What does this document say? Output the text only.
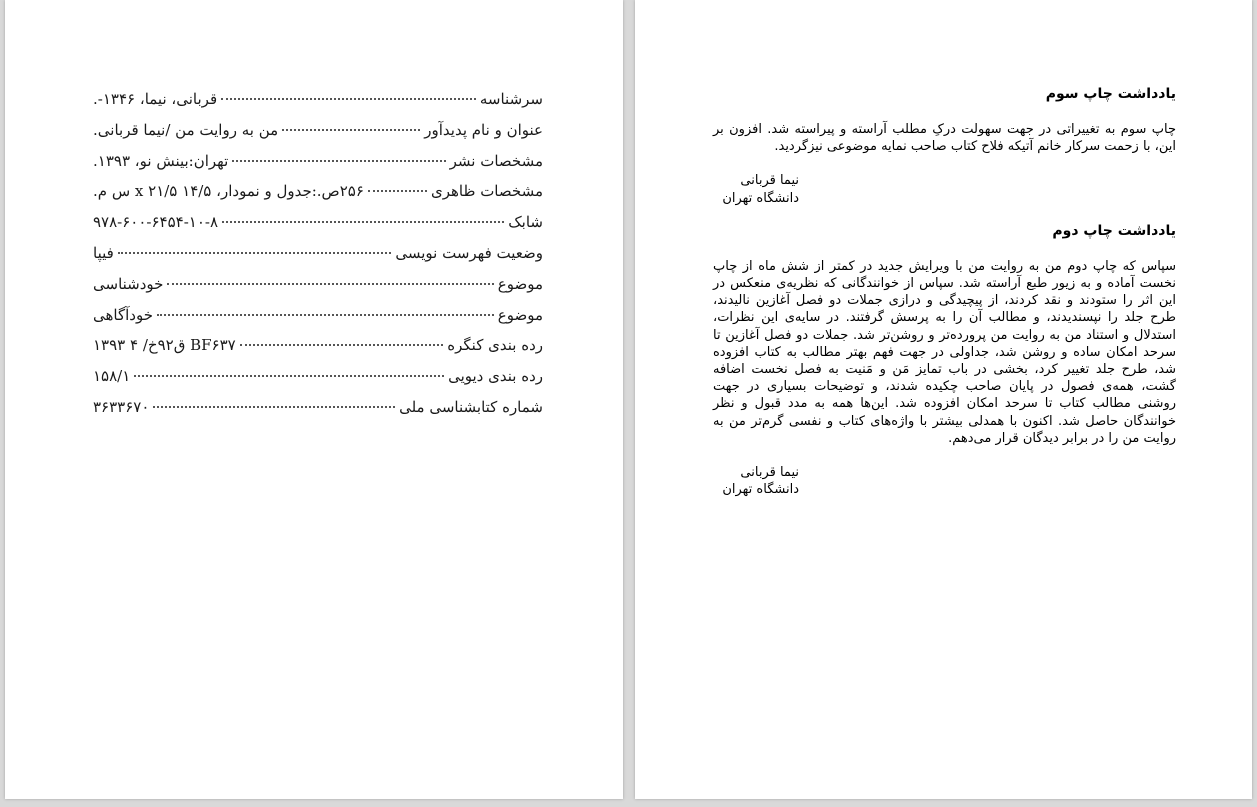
سرشناسه
قربانی، نیما، ۱۳۴۶-.
عنوان و نام پدیدآور
من به روایت من /نیما قربانی.
مشخصات نشر
تهران:بینش نو، ۱۳۹۳.
مشخصات ظاهری
۲۵۶ص.:جدول و نمودار، ۱۴/۵ x ۲۱/۵ س م.
شابک
۹۷۸-۶۰۰-۶۴۵۴-۱۰-۸
وضعیت فهرست نویسی
فیپا
موضوع
خودشناسی
موضوع
خودآگاهی
رده بندی کنگره
BF۶۳۷ ق۹۲خ/ ۴ ۱۳۹۳
رده بندی دیویی
۱۵۸/۱
شماره کتابشناسی ملی
۳۶۳۳۶۷۰
یادداشت چاپ سوم

چاپ سوم به تغییراتی در جهت سهولت درکِ مطلب آراسته و پیراسته شد. افزون بر این، با زحمت سرکار خانم آتیکه فلاح کتاب صاحب نمایه موضوعی نیزگردید.

نیما قربانی
دانشگاه تهران
یادداشت چاپ دوم

سپاس که چاپ دوم من به روایت من با ویرایش جدید در کمتر از شش ماه از چاپ نخست آماده و به زیور طبع آراسته شد. سپاس از خوانندگانی که نظریه‌ی منعکس در این اثر را ستودند و نقد کردند، از پیچیدگی و درازی جملات دو فصل آغازین نالیدند، طرح جلد را نپسندیدند، و مطالب آن را به پرسش گرفتند. در سایه‌ی این نظرات، استدلال و استناد من به روایت من پرورده‌تر و روشن‌تر شد. جملات دو فصل آغازین تا سرحد امکان ساده و روشن شد، جداولی در جهت فهم بهتر مطالب به کتاب افزوده شد، طرح جلد تغییر کرد، بخشی در باب تمایز مَن و مَنیت به فصل نخست اضافه گشت، همه‌ی فصول در پایان صاحب چکیده شدند، و توضیحات بسیاری در جهت روشنی مطالب کتاب تا سرحد امکان افزوده شد. این‌ها همه به مدد قبول و نظر خوانندگان حاصل شد. اکنون با همدلی بیشتر با واژه‌های کتاب و نفسی گرم‌تر من به روایت من را در برابر دیدگان قرار می‌دهم.

نیما قربانی
دانشگاه تهران
